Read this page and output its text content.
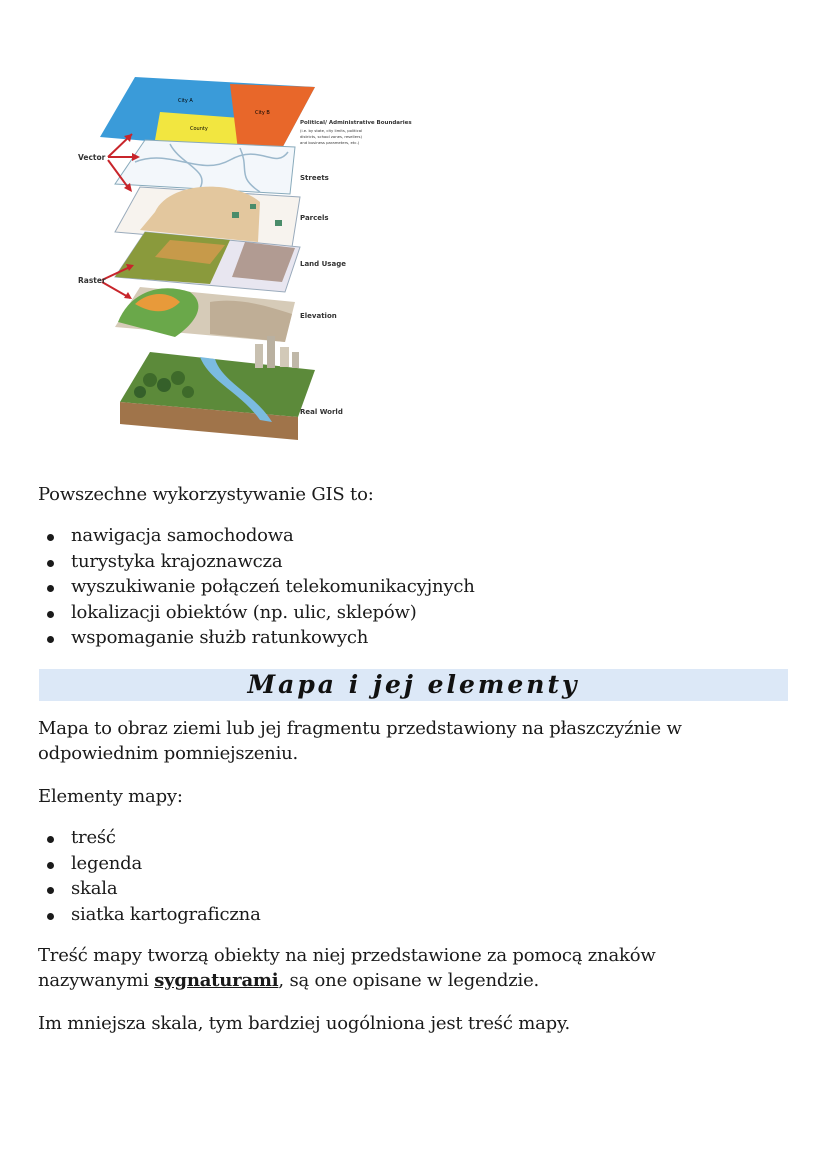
City A
City B
County
Vector
Raster
Political/ Administrative Boundaries
(i.e. by state, city limits, political
districts, school zones, resellers)
and business parameters, etc.)
Streets
Parcels
Land Usage
Elevation
Real World
Powszechne wykorzystywanie GIS to:
nawigacja samochodowa
turystyka krajoznawcza
wyszukiwanie połączeń telekomunikacyjnych
lokalizacji obiektów (np. ulic, sklepów)
wspomaganie służb ratunkowych
Mapa i jej elementy
Mapa to obraz ziemi lub jej fragmentu przedstawiony na płaszczyźnie w odpowiednim pomniejszeniu.
Elementy mapy:
treść
legenda
skala
siatka kartograficzna
Treść mapy tworzą obiekty na niej przedstawione za pomocą znaków nazywanymi sygnaturami, są one opisane w legendzie.
Im mniejsza skala, tym bardziej uogólniona jest treść mapy.
